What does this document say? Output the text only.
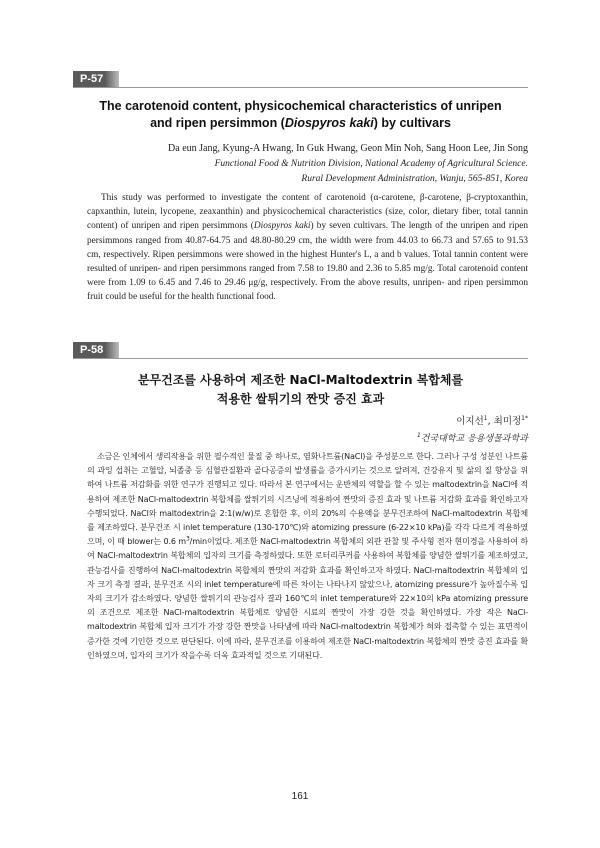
P-57
The carotenoid content, physicochemical characteristics of unripen
and ripen persimmon (Diospyros kaki) by cultivars
Da eun Jang, Kyung-A Hwang, In Guk Hwang, Geon Min Noh, Sang Hoon Lee, Jin Song
Functional Food & Nutrition Division, National Academy of Agricultural Science.
Rural Development Administration, Wanju, 565-851, Korea

This study was performed to investigate the content of carotenoid (α-carotene, β-carotene, β-cryptoxanthin, capxanthin, lutein, lycopene, zeaxanthin) and physicochemical characteristics (size, color, dietary fiber, total tannin content) of unripen and ripen persimmons (Diospyros kaki) by seven cultivars. The length of the unripen and ripen persimmons ranged from 40.87-64.75 and 48.80-80.29 cm, the width were from 44.03 to 66.73 and 57.65 to 91.53 cm, respectively. Ripen persimmons were showed in the highest Hunter's L, a and b values. Total tannin content were resulted of unripen- and ripen persimmons ranged from 7.58 to 19.80 and 2.36 to 5.85 mg/g. Total carotenoid content were from 1.09 to 6.45 and 7.46 to 29.46 μg/g, respectively. From the above results, unripen- and ripen persimmon fruit could be useful for the health functional food.

P-58
분무건조를 사용하여 제조한 NaCl-Maltodextrin 복합체를
적용한 쌀튀기의 짠맛 증진 효과
이지선$^1$, 최미정$^{1*}$
$^1$건국대학교 응용생물과학과

소금은 인체에서 생리작용을 위한 필수적인 물질 중 하나로, 염화나트륨(NaCl)을 주성분으로 한다. 그러나 구성 성분인 나트륨의 과잉 섭취는 고혈압, 뇌졸중 등 심혈관질환과 골다공증의 발생률을 증가시키는 것으로 알려져, 건강유지 및 삶의 질 향상을 위하여 나트륨 저감화를 위한 연구가 진행되고 있다. 따라서 본 연구에서는 운반체의 역할을 할 수 있는 maltodextrin을 NaCl에 적용하여 제조한 NaCl-maltodextrin 복합체를 쌀튀기의 시즈닝에 적용하여 짠맛의 증진 효과 및 나트륨 저감화 효과를 확인하고자 수행되었다. NaCl와 maltodextrin을 2:1(w/w)로 혼합한 후, 이의 20%의 수용액을 분무건조하여 NaCl-maltodextrin 복합체를 제조하였다. 분무건조 시 inlet temperature (130-170℃)와 atomizing pressure (6-22×10 kPa)를 각각 다르게 적용하였으며, 이 때 blower는 0.6 $m^3/\min$이었다. 제조한 NaCl-maltodextrin 복합체의 외관 관찰 및 주사형 전자 현미경을 사용하여 하여 NaCl-maltodextrin 복합체의 입자의 크기를 측정하였다. 또한 로터리쿠커를 사용하여 복합체를 양념한 쌀튀기를 제조하였고, 관능검사를 진행하여 NaCl-maltodextrin 복합체의 짠맛의 저감화 효과를 확인하고자 하였다. NaCl-maltodextrin 복합체의 입자 크기 측정 결과, 분무건조 시의 inlet temperature에 따른 차이는 나타나지 않았으나, atomizing pressure가 높아질수록 입자의 크기가 감소하였다. 양념한 쌀튀기의 관능검사 결과 160℃의 inlet temperature와 22×10의 kPa atomizing pressure의 조건으로 제조한 NaCl-maltodextrin 복합체로 양념한 시료의 짠맛이 가장 강한 것을 확인하였다. 가장 작은 NaCl-maltodextrin 복합체 입자 크기가 가장 강한 짠맛을 나타냄에 따라 NaCl-maltodextrin 복합체가 혀와 접촉할 수 있는 표면적이 증가한 것에 기인한 것으로 판단된다. 이에 따라, 분무건조를 이용하여 제조한 NaCl-maltodextrin 복합체의 짠맛 증진 효과를 확인하였으며, 입자의 크기가 작을수록 더욱 효과적일 것으로 기대된다.

161
